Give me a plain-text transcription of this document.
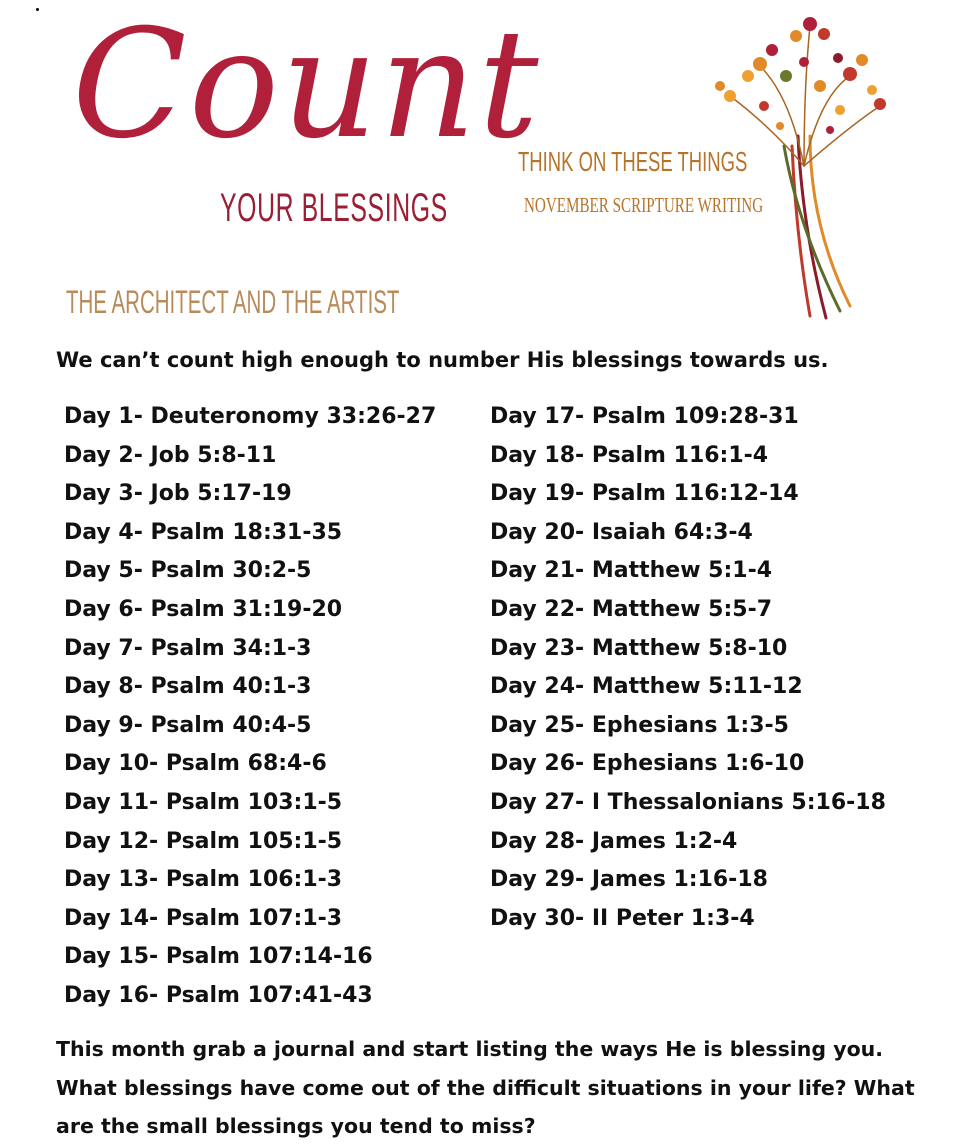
Count
YOUR BLESSINGS
THINK ON THESE THINGS
NOVEMBER SCRIPTURE WRITING
THE ARCHITECT AND THE ARTIST
We can’t count high enough to number His blessings towards us.
Day 1- Deuteronomy 33:26-27
Day 2- Job 5:8-11
Day 3- Job 5:17-19
Day 4- Psalm 18:31-35
Day 5- Psalm 30:2-5
Day 6- Psalm 31:19-20
Day 7- Psalm 34:1-3
Day 8- Psalm 40:1-3
Day 9- Psalm 40:4-5
Day 10- Psalm 68:4-6
Day 11- Psalm 103:1-5
Day 12- Psalm 105:1-5
Day 13- Psalm 106:1-3
Day 14- Psalm 107:1-3
Day 15- Psalm 107:14-16
Day 16- Psalm 107:41-43
Day 17- Psalm 109:28-31
Day 18- Psalm 116:1-4
Day 19- Psalm 116:12-14
Day 20- Isaiah 64:3-4
Day 21- Matthew 5:1-4
Day 22- Matthew 5:5-7
Day 23- Matthew 5:8-10
Day 24- Matthew 5:11-12
Day 25- Ephesians 1:3-5
Day 26- Ephesians 1:6-10
Day 27- I Thessalonians 5:16-18
Day 28- James 1:2-4
Day 29- James 1:16-18
Day 30- II Peter 1:3-4

This month grab a journal and start listing the ways He is blessing you. What blessings have come out of the difficult situations in your life? What are the small blessings you tend to miss?
